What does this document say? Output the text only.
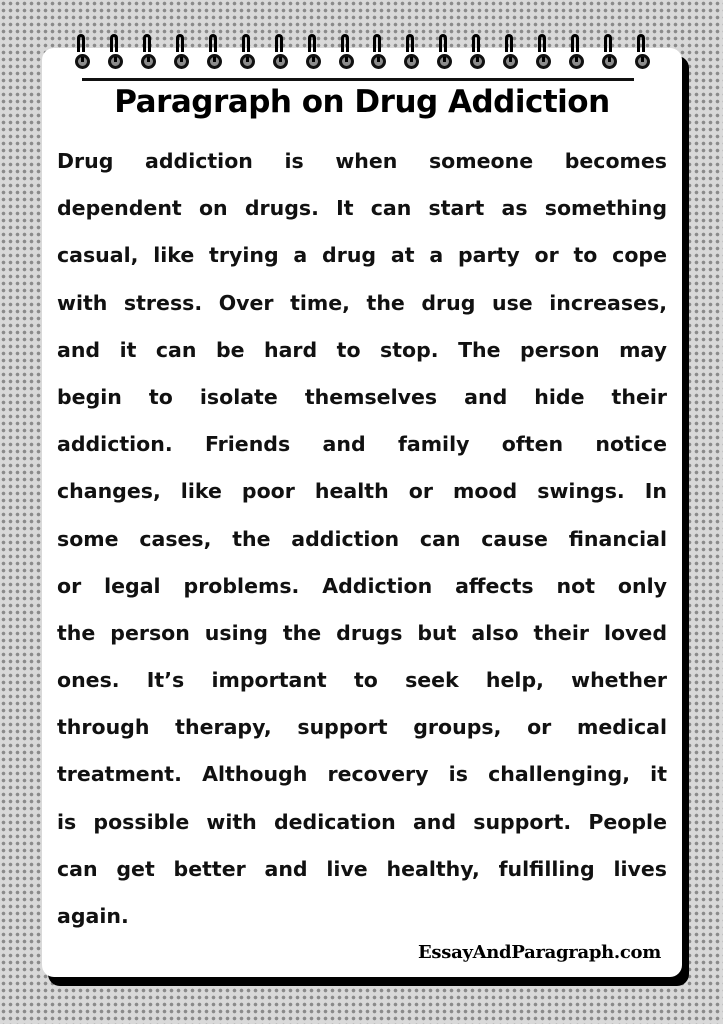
Paragraph on Drug Addiction
Drug addiction is when someone becomes
dependent on drugs. It can start as something
casual, like trying a drug at a party or to cope
with stress. Over time, the drug use increases,
and it can be hard to stop. The person may
begin to isolate themselves and hide their
addiction. Friends and family often notice
changes, like poor health or mood swings. In
some cases, the addiction can cause financial
or legal problems. Addiction affects not only
the person using the drugs but also their loved
ones. It’s important to seek help, whether
through therapy, support groups, or medical
treatment. Although recovery is challenging, it
is possible with dedication and support. People
can get better and live healthy, fulfilling lives
again.
EssayAndParagraph.com
